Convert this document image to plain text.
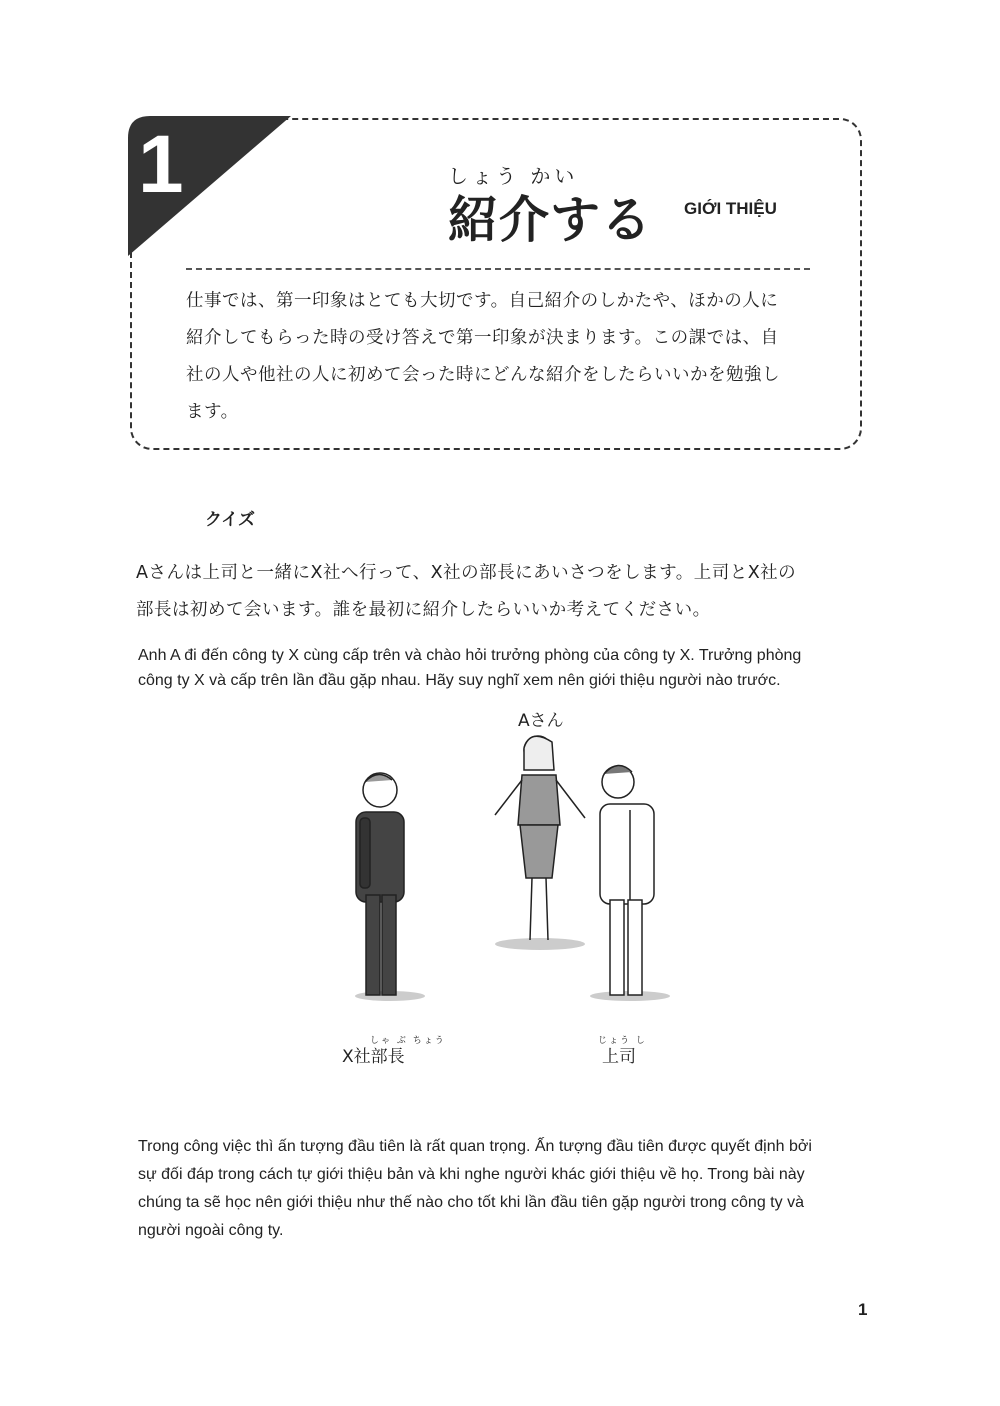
1	しょう かい
紹介する GIỚI THIỆU

仕事では、第一印象はとても大切です。自己紹介のしかたや、ほかの人に

紹介してもらった時の受け答えで第一印象が決まります。この課では、自

社の人や他社の人に初めて会った時にどんな紹介をしたらいいかを勉強し

ます。

クイズ

Aさんは上司と一緒にX社へ行って、X社の部長にあいさつをします。上司とX社の

部長は初めて会います。誰を最初に紹介したらいいか考えてください。

Anh A đi đến công ty X cùng cấp trên và chào hỏi trưởng phòng của công ty X. Trưởng phòng

công ty X và cấp trên lần đầu gặp nhau. Hãy suy nghĩ xem nên giới thiệu người nào trước.

Aさん
しゃ ぶ ちょう
X社部長
じょう し
上司

Trong công việc thì ấn tượng đầu tiên là rất quan trọng. Ấn tượng đầu tiên được quyết định bởi

sự đối đáp trong cách tự giới thiệu bản và khi nghe người khác giới thiệu về họ. Trong bài này

chúng ta sẽ học nên giới thiệu như thế nào cho tốt khi lần đầu tiên gặp người trong công ty và

người ngoài công ty.

1
